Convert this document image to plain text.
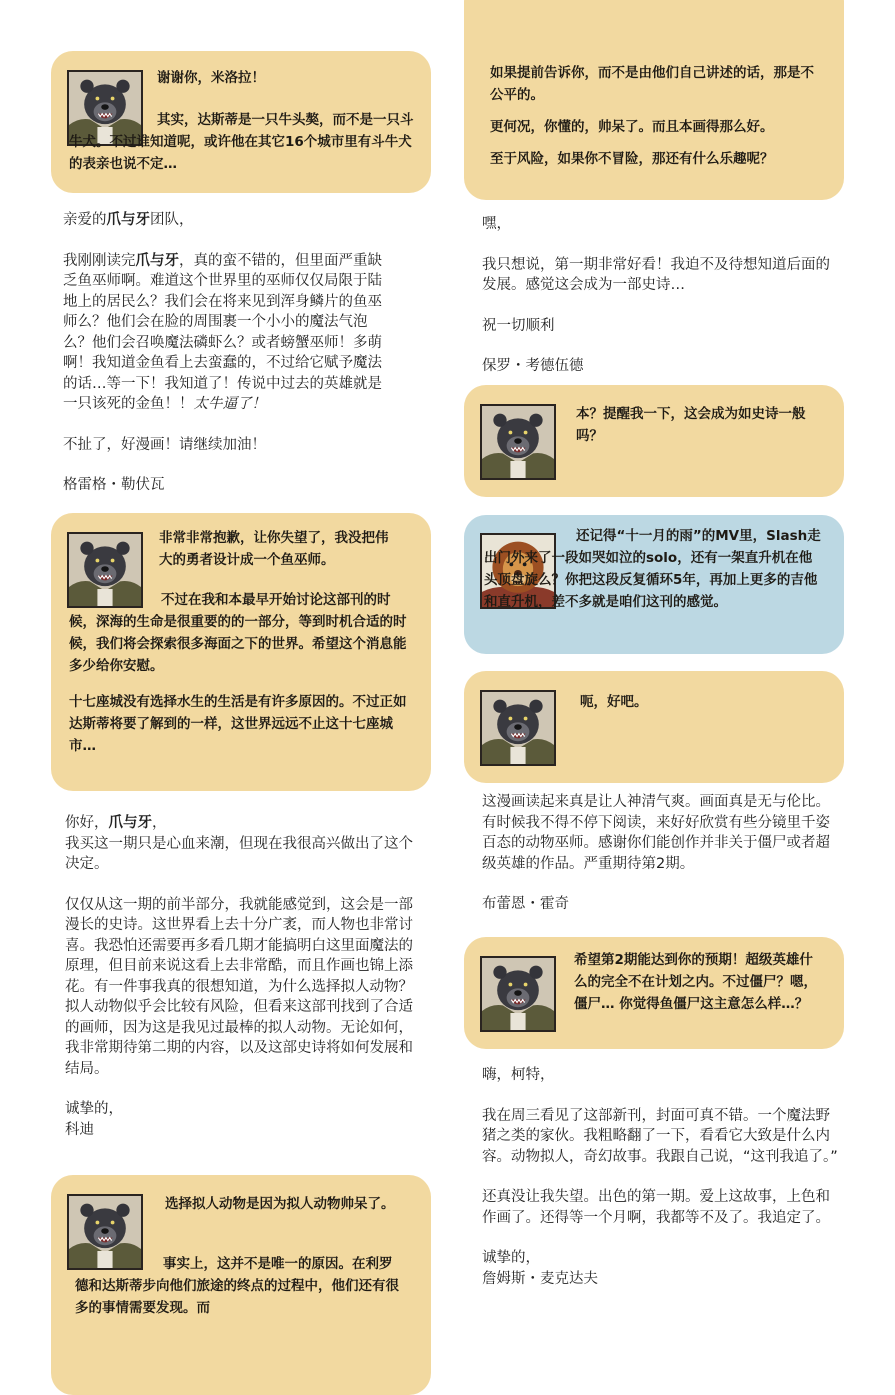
谢谢你，米洛拉！

其实，达斯蒂是一只牛头獒，而不是一只斗牛犬。不过谁知道呢，或许他在其它16个城市里有斗牛犬的表亲也说不定…

亲爱的爪与牙团队，

我刚刚读完爪与牙，真的蛮不错的，但里面严重缺乏鱼巫师啊。难道这个世界里的巫师仅仅局限于陆地上的居民么？我们会在将来见到浑身鳞片的鱼巫师么？他们会在脸的周围裹一个小小的魔法气泡么？他们会召唤魔法磷虾么？或者螃蟹巫师！多萌啊！我知道金鱼看上去蛮蠢的，不过给它赋予魔法的话…等一下！我知道了！传说中过去的英雄就是一只该死的金鱼！！太牛逼了！

不扯了，好漫画！请继续加油！

格雷格・勒伏瓦

非常非常抱歉，让你失望了，我没把伟大的勇者设计成一个鱼巫师。

不过在我和本最早开始讨论这部刊的时候，深海的生命是很重要的的一部分，等到时机合适的时候，我们将会探索很多海面之下的世界。希望这个消息能多少给你安慰。

十七座城没有选择水生的生活是有许多原因的。不过正如达斯蒂将要了解到的一样，这世界远远不止这十七座城市…

你好，爪与牙，
我买这一期只是心血来潮，但现在我很高兴做出了这个决定。

仅仅从这一期的前半部分，我就能感觉到，这会是一部漫长的史诗。这世界看上去十分广袤，而人物也非常讨喜。我恐怕还需要再多看几期才能搞明白这里面魔法的原理，但目前来说这看上去非常酷，而且作画也锦上添花。有一件事我真的很想知道，为什么选择拟人动物？拟人动物似乎会比较有风险，但看来这部刊找到了合适的画师，因为这是我见过最棒的拟人动物。无论如何，我非常期待第二期的内容，以及这部史诗将如何发展和结局。

诚挚的，
科迪

选择拟人动物是因为拟人动物帅呆了。

事实上，这并不是唯一的原因。在利罗德和达斯蒂步向他们旅途的终点的过程中，他们还有很多的事情需要发现。而

如果提前告诉你，而不是由他们自己讲述的话，那是不公平的。

更何况，你懂的，帅呆了。而且本画得那么好。

至于风险，如果你不冒险，那还有什么乐趣呢？

嘿，

我只想说，第一期非常好看！我迫不及待想知道后面的发展。感觉这会成为一部史诗…

祝一切顺利

保罗・考德伍德

本？提醒我一下，这会成为如史诗一般吗？

还记得“十一月的雨”的MV里，Slash走出门外来了一段如哭如泣的solo，还有一架直升机在他头顶盘旋么？你把这段反复循环5年，再加上更多的吉他和直升机，差不多就是咱们这刊的感觉。

呃，好吧。

这漫画读起来真是让人神清气爽。画面真是无与伦比。有时候我不得不停下阅读，来好好欣赏有些分镜里千姿百态的动物巫师。感谢你们能创作并非关于僵尸或者超级英雄的作品。严重期待第2期。

布蕾恩・霍奇

希望第2期能达到你的预期！超级英雄什么的完全不在计划之内。不过僵尸？嗯，僵尸… 你觉得鱼僵尸这主意怎么样…？

嗨，柯特，

我在周三看见了这部新刊，封面可真不错。一个魔法野猪之类的家伙。我粗略翻了一下，看看它大致是什么内容。动物拟人，奇幻故事。我跟自己说，“这刊我追了。”

还真没让我失望。出色的第一期。爱上这故事，上色和作画了。还得等一个月啊，我都等不及了。我追定了。

诚挚的，
詹姆斯・麦克达夫
